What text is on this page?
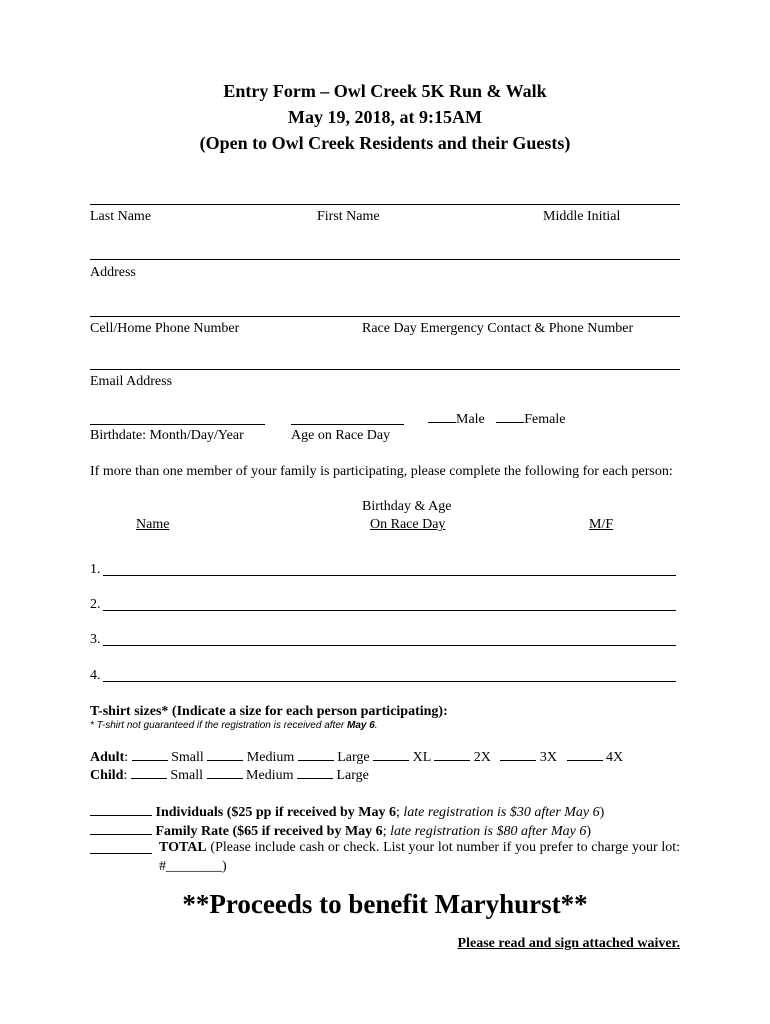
Entry Form – Owl Creek 5K Run & Walk
May 19, 2018, at 9:15AM
(Open to Owl Creek Residents and their Guests)
Last Name	First Name	Middle Initial
Address
Cell/Home Phone Number	Race Day Emergency Contact & Phone Number
Email Address
Male	Female
Birthdate: Month/Day/Year	Age on Race Day
If more than one member of your family is participating, please complete the following for each person:
Birthday & Age
Name	On Race Day	M/F
1.
2.
3.
4.
T-shirt sizes* (Indicate a size for each person participating):
* T-shirt not guaranteed if the registration is received after May 6.
Adult:	Small	Medium	Large	XL	2X	3X	4X
Child:	Small	Medium	Large
Individuals ($25 pp if received by May 6; late registration is $30 after May 6)
Family Rate ($65 if received by May 6; late registration is $80 after May 6)
TOTAL (Please include cash or check. List your lot number if you prefer to charge your lot: #________)
**Proceeds to benefit Maryhurst**
Please read and sign attached waiver.
